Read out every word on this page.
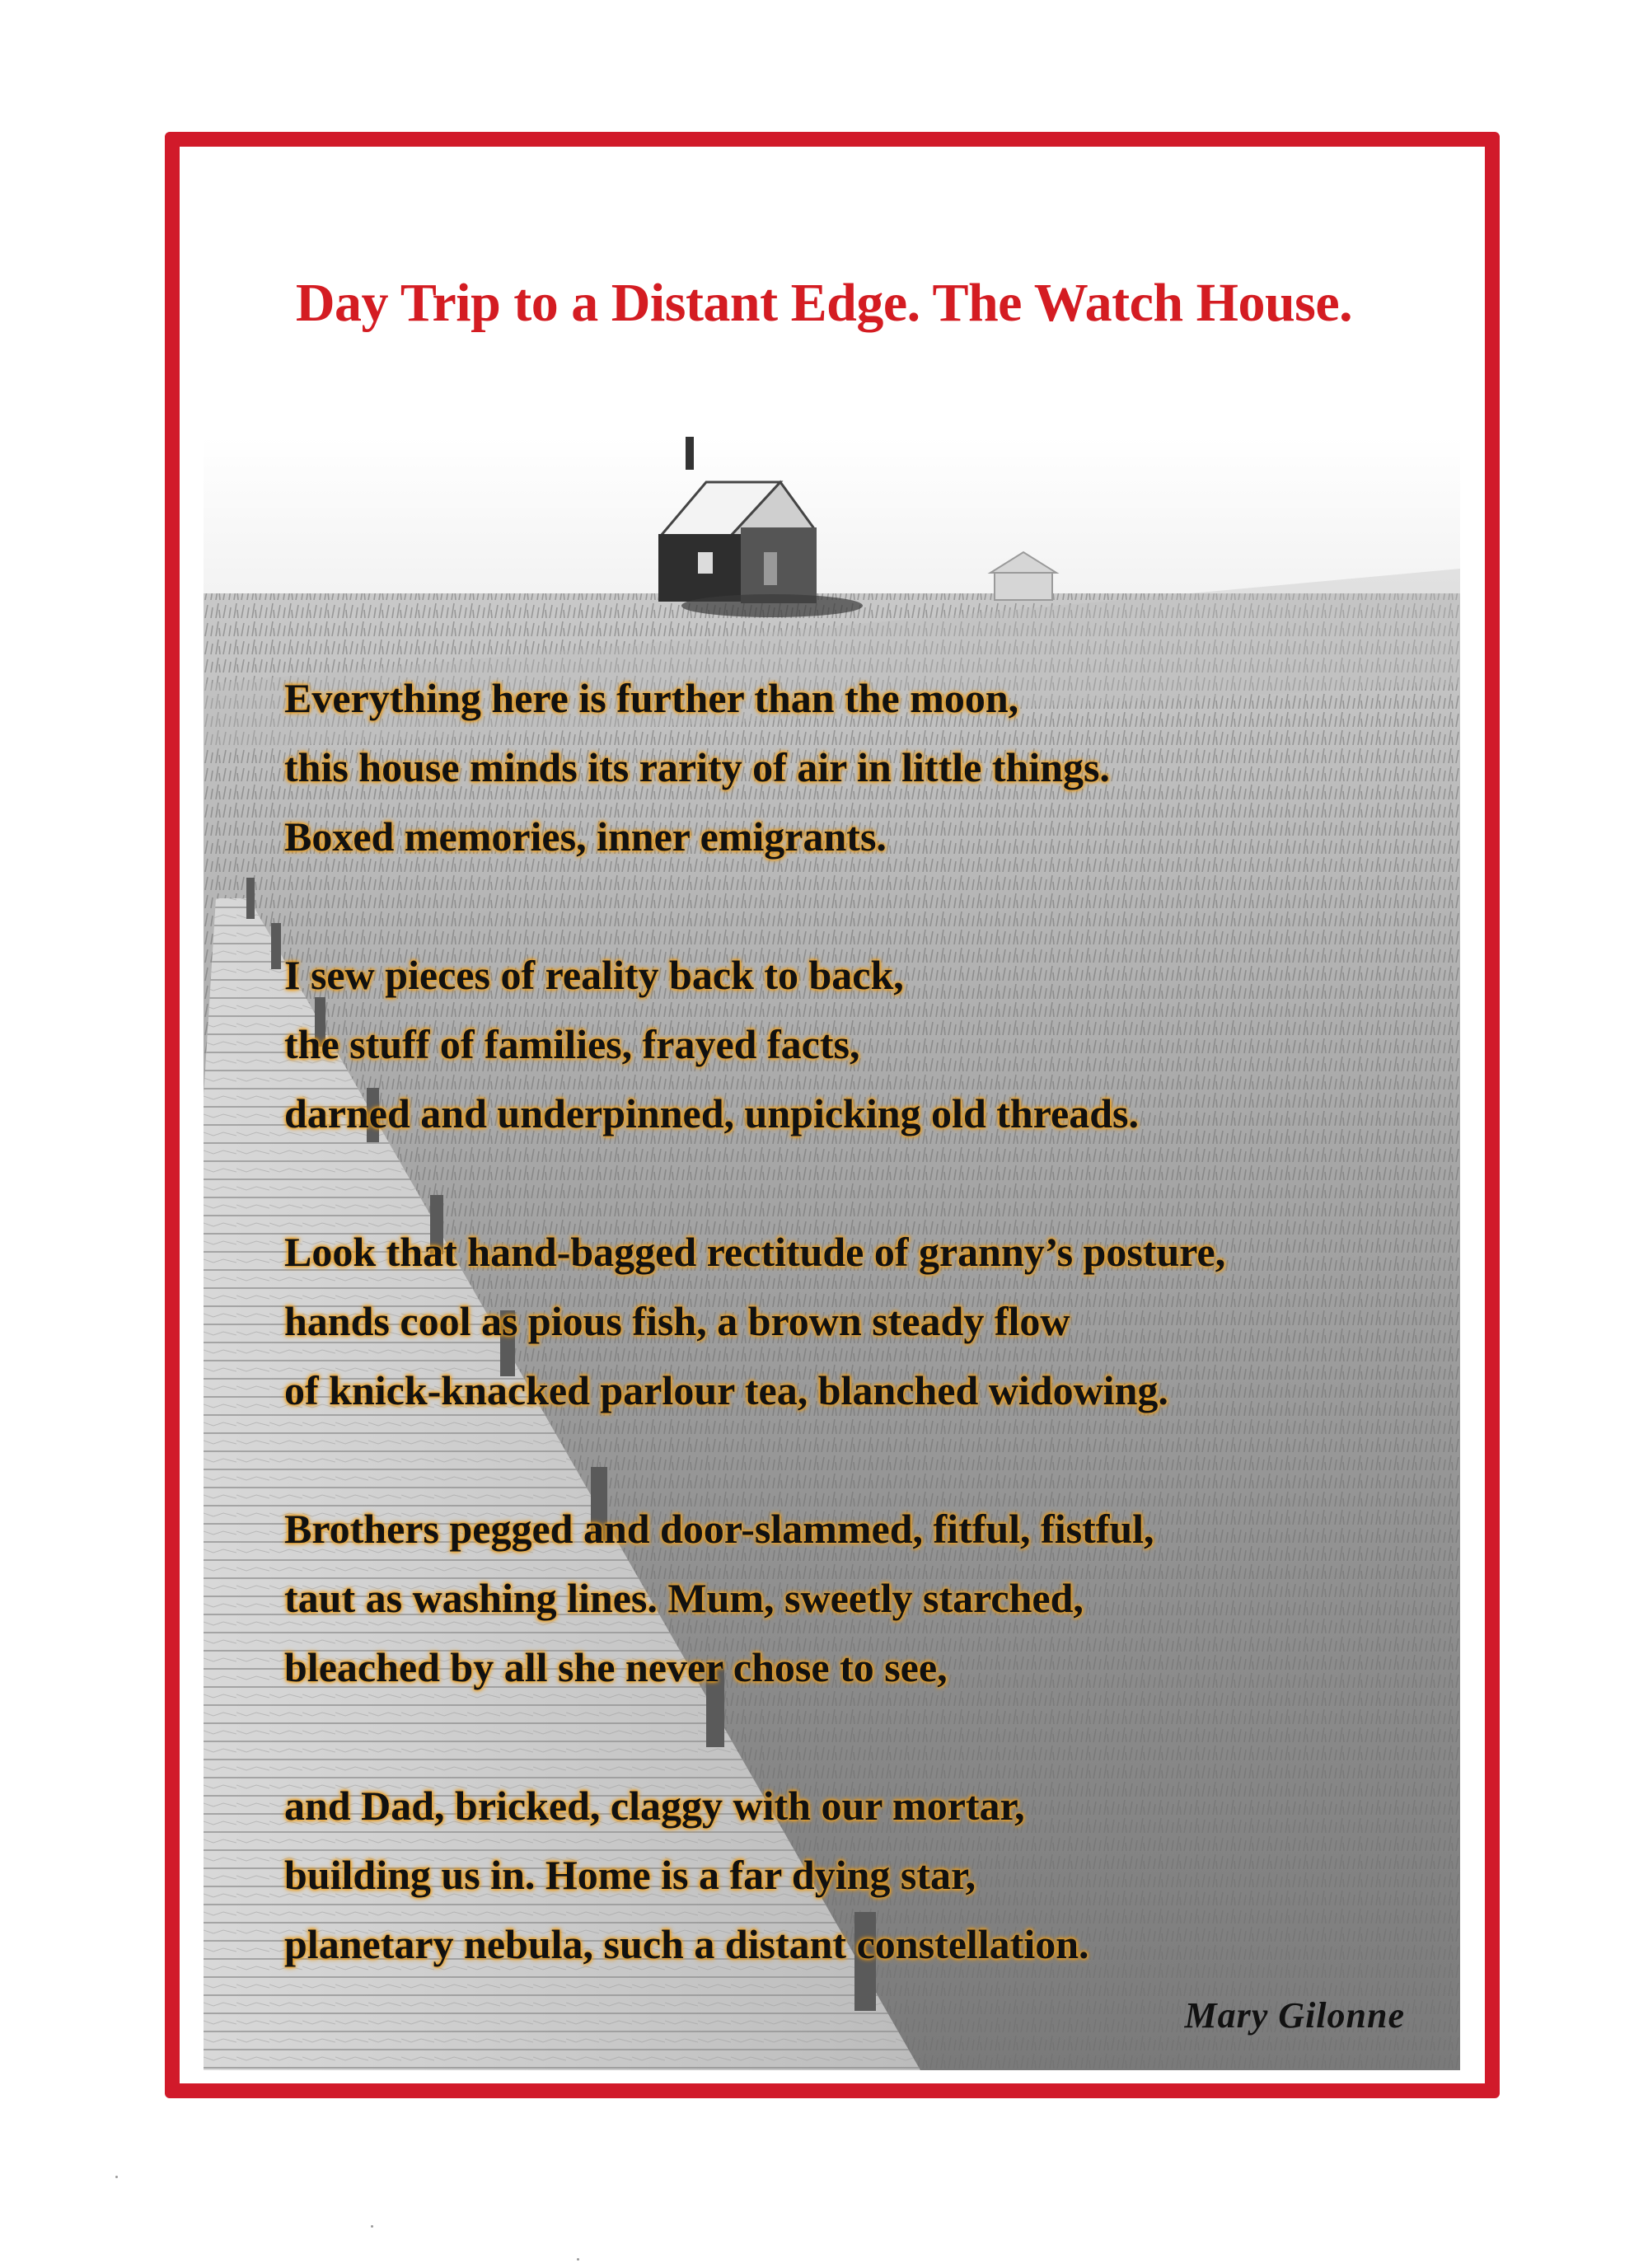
Day Trip to a Distant Edge. The Watch House.
Everything here is further than the moon,
this house minds its rarity of air in little things.
Boxed memories, inner emigrants.
I sew pieces of reality back to back,
the stuff of families, frayed facts,
darned and underpinned, unpicking old threads.
Look that hand-bagged rectitude of granny’s posture,
hands cool as pious fish, a brown steady flow
of knick-knacked parlour tea, blanched widowing.
Brothers pegged and door-slammed, fitful, fistful,
taut as washing lines. Mum, sweetly starched,
bleached by all she never chose to see,
and Dad, bricked, claggy with our mortar,
building us in. Home is a far dying star,
planetary nebula, such a distant constellation.
Mary Gilonne
